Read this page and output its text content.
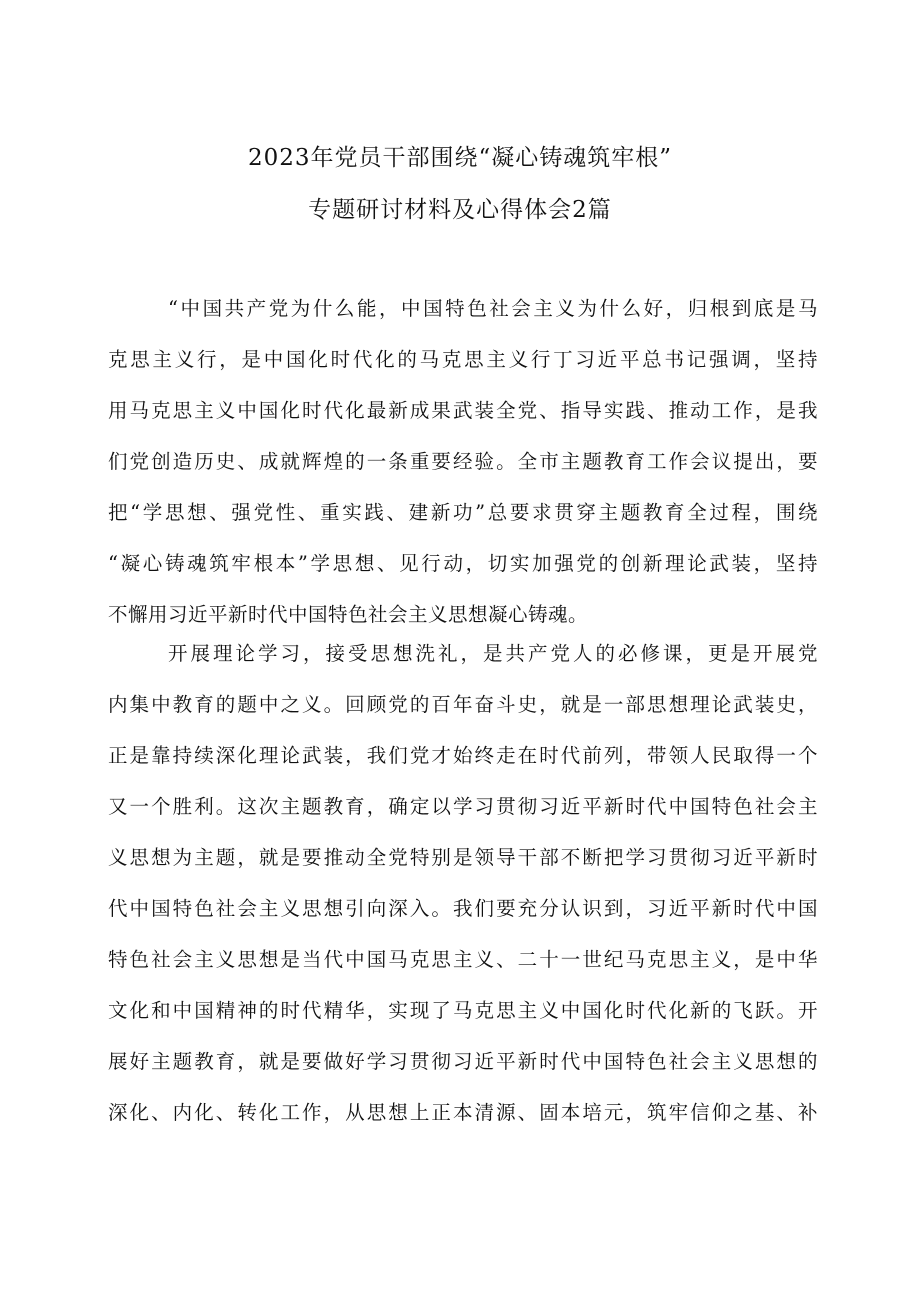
2023年党员干部围绕“凝心铸魂筑牢根”
专题研讨材料及心得体会2篇
“中国共产党为什么能，中国特色社会主义为什么好，归根到底是马
克思主义行，是中国化时代化的马克思主义行丁习近平总书记强调，坚持
用马克思主义中国化时代化最新成果武装全党、指导实践、推动工作，是我
们党创造历史、成就辉煌的一条重要经验。全市主题教育工作会议提出，要
把“学思想、强党性、重实践、建新功”总要求贯穿主题教育全过程，围绕
“凝心铸魂筑牢根本”学思想、见行动，切实加强党的创新理论武装，坚持
不懈用习近平新时代中国特色社会主义思想凝心铸魂。
开展理论学习，接受思想洗礼，是共产党人的必修课，更是开展党
内集中教育的题中之义。回顾党的百年奋斗史，就是一部思想理论武装史，
正是靠持续深化理论武装，我们党才始终走在时代前列，带领人民取得一个
又一个胜利。这次主题教育，确定以学习贯彻习近平新时代中国特色社会主
义思想为主题，就是要推动全党特别是领导干部不断把学习贯彻习近平新时
代中国特色社会主义思想引向深入。我们要充分认识到，习近平新时代中国
特色社会主义思想是当代中国马克思主义、二十一世纪马克思主义，是中华
文化和中国精神的时代精华，实现了马克思主义中国化时代化新的飞跃。开
展好主题教育，就是要做好学习贯彻习近平新时代中国特色社会主义思想的
深化、内化、转化工作，从思想上正本清源、固本培元，筑牢信仰之基、补
